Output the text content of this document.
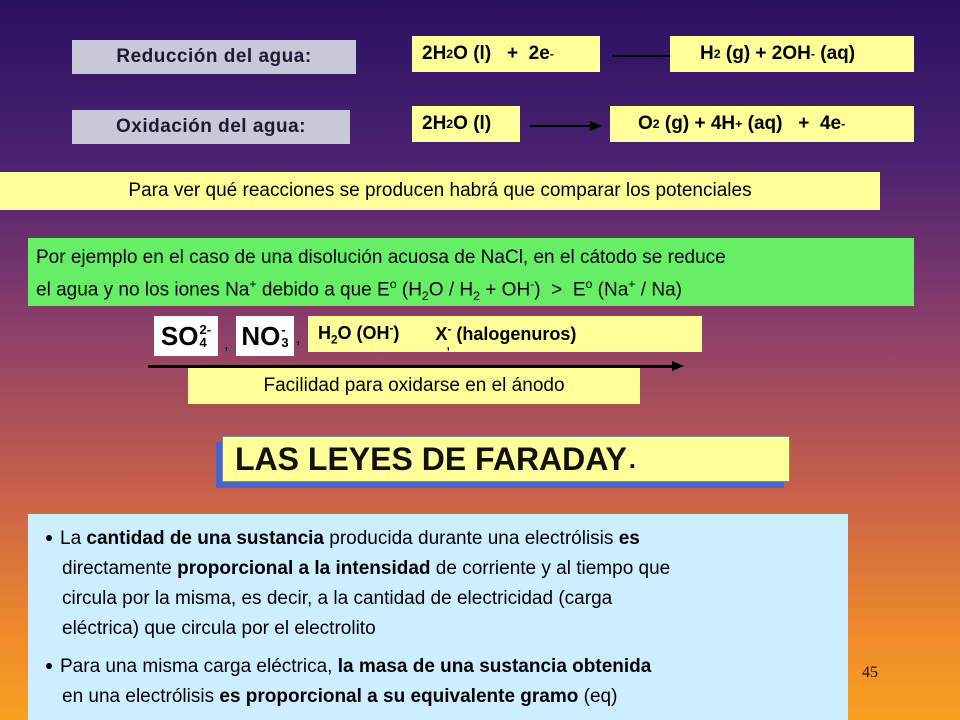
Reducción del agua:	2H 2 O (l)   +  2e -	H 2 (g) + 2OH - (aq)
Oxidación del agua:	2H 2 O (l)	O 2 (g) + 4H + (aq)   +  4e -
Para ver qué reacciones se producen habrá que comparar los potenciales
Por ejemplo en el caso de una disolución acuosa de NaCl, en el cátodo se reduce
el agua y no los iones Na+ debido a que $E^o$ $(H_2O / H_2 + OH^-) > E^o$ (Na+ / Na)
SO 2-
4 , NO -
3 , $H_2O$ (OH-) X- (halogenuros)
,
Facilidad para oxidarse en el ánodo
LAS LEYES DE FARADAY .
La cantidad de una sustancia producida durante una electrólisis es
directamente proporcional a la intensidad de corriente y al tiempo que
circula por la misma, es decir, a la cantidad de electricidad (carga
eléctrica) que circula por el electrolito
Para una misma carga eléctrica, la masa de una sustancia obtenida
en una electrólisis es proporcional a su equivalente gramo (eq)
45
